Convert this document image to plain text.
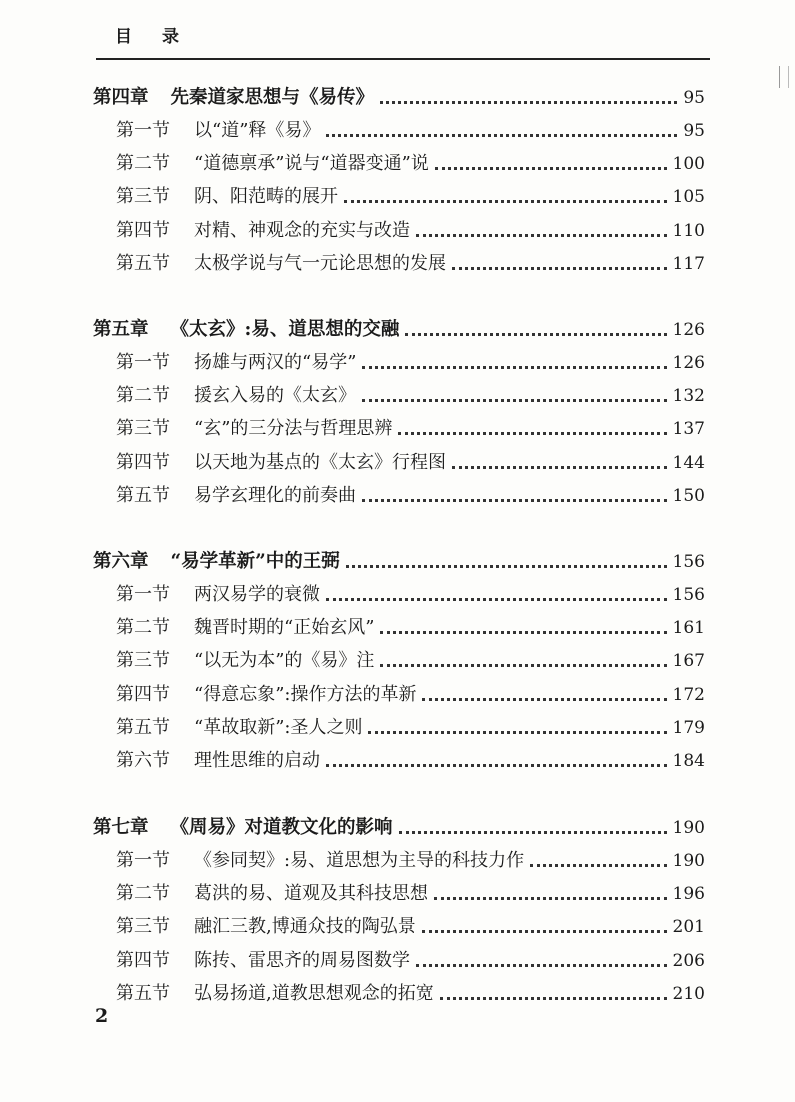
目录
第四章	先秦道家思想与《易传》	95
第一节	以“道”释《易》	95
第二节	“道德禀承”说与“道器变通”说	100
第三节	阴、阳范畴的展开	105
第四节	对精、神观念的充实与改造	110
第五节	太极学说与气一元论思想的发展	117
第五章	《太玄》:易、道思想的交融	126
第一节	扬雄与两汉的“易学”	126
第二节	援玄入易的《太玄》	132
第三节	“玄”的三分法与哲理思辨	137
第四节	以天地为基点的《太玄》行程图	144
第五节	易学玄理化的前奏曲	150
第六章	“易学革新”中的王弼	156
第一节	两汉易学的衰微	156
第二节	魏晋时期的“正始玄风”	161
第三节	“以无为本”的《易》注	167
第四节	“得意忘象”:操作方法的革新	172
第五节	“革故取新”:圣人之则	179
第六节	理性思维的启动	184
第七章	《周易》对道教文化的影响	190
第一节	《参同契》:易、道思想为主导的科技力作	190
第二节	葛洪的易、道观及其科技思想	196
第三节	融汇三教,博通众技的陶弘景	201
第四节	陈抟、雷思齐的周易图数学	206
第五节	弘易扬道,道教思想观念的拓宽	210
2
